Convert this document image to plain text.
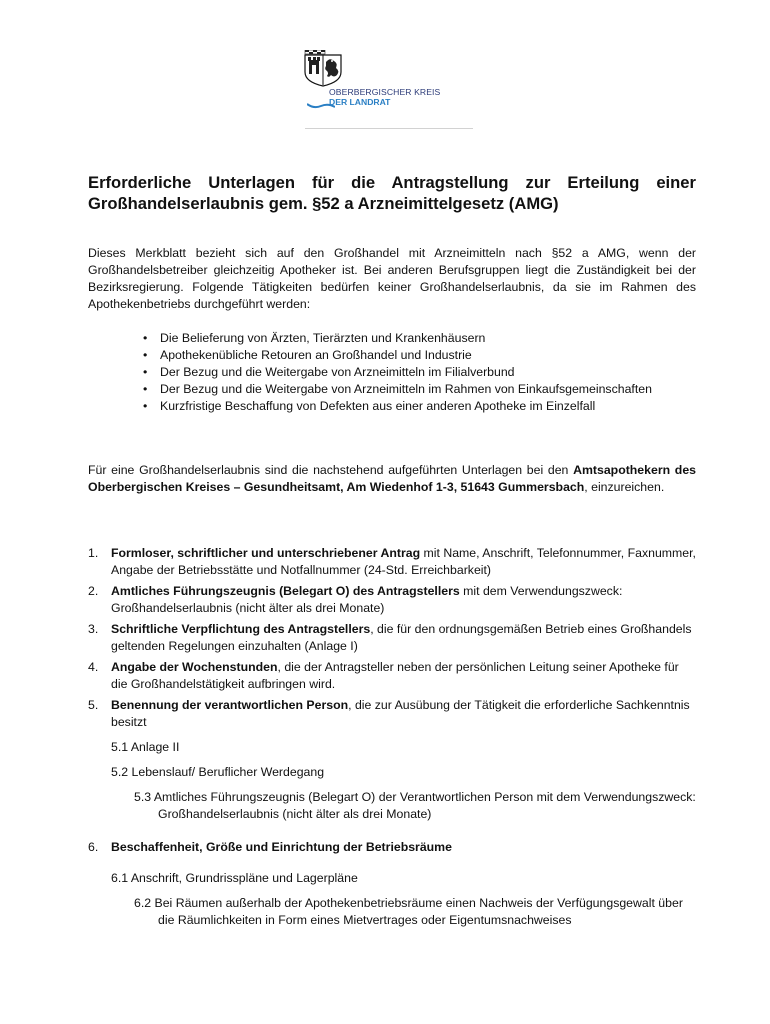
OBERBERGISCHER KREIS
DER LANDRAT
Erforderliche Unterlagen für die Antragstellung zur Erteilung einer Großhandelserlaubnis gem. §52 a Arzneimittelgesetz (AMG)

Dieses Merkblatt bezieht sich auf den Großhandel mit Arzneimitteln nach §52 a AMG, wenn der Großhandelsbetreiber gleichzeitig Apotheker ist. Bei anderen Berufsgruppen liegt die Zuständigkeit bei der Bezirksregierung. Folgende Tätigkeiten bedürfen keiner Großhandelserlaubnis, da sie im Rahmen des Apothekenbetriebs durchgeführt werden:

• Die Belieferung von Ärzten, Tierärzten und Krankenhäusern
• Apothekenübliche Retouren an Großhandel und Industrie
• Der Bezug und die Weitergabe von Arzneimitteln im Filialverbund
• Der Bezug und die Weitergabe von Arzneimitteln im Rahmen von Einkaufsgemeinschaften
• Kurzfristige Beschaffung von Defekten aus einer anderen Apotheke im Einzelfall

Für eine Großhandelserlaubnis sind die nachstehend aufgeführten Unterlagen bei den Amtsapothekern des Oberbergischen Kreises – Gesundheitsamt, Am Wiedenhof 1-3, 51643 Gummersbach, einzureichen.

1. Formloser, schriftlicher und unterschriebener Antrag mit Name, Anschrift, Telefonnummer, Faxnummer, Angabe der Betriebsstätte und Notfallnummer (24-Std. Erreichbarkeit)
2. Amtliches Führungszeugnis (Belegart O) des Antragstellers mit dem Verwendungszweck: Großhandelserlaubnis (nicht älter als drei Monate)
3. Schriftliche Verpflichtung des Antragstellers, die für den ordnungsgemäßen Betrieb eines Großhandels geltenden Regelungen einzuhalten (Anlage I)
4. Angabe der Wochenstunden, die der Antragsteller neben der persönlichen Leitung seiner Apotheke für die Großhandelstätigkeit aufbringen wird.
5. Benennung der verantwortlichen Person, die zur Ausübung der Tätigkeit die erforderliche Sachkenntnis besitzt
5.1 Anlage II
5.2 Lebenslauf/ Beruflicher Werdegang
5.3 Amtliches Führungszeugnis (Belegart O) der Verantwortlichen Person mit dem Verwendungszweck: Großhandelserlaubnis (nicht älter als drei Monate)
6. Beschaffenheit, Größe und Einrichtung der Betriebsräume
6.1 Anschrift, Grundrisspläne und Lagerpläne
6.2 Bei Räumen außerhalb der Apothekenbetriebsräume einen Nachweis der Verfügungsgewalt über die Räumlichkeiten in Form eines Mietvertrages oder Eigentumsnachweises
